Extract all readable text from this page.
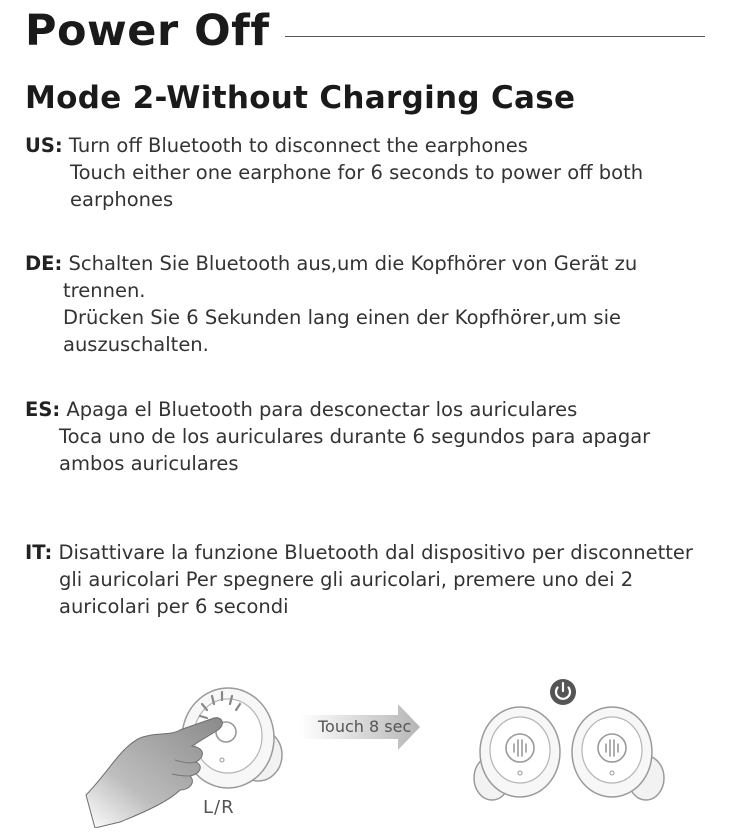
Power Off
Mode 2-Without Charging Case
US: Turn off Bluetooth to disconnect the earphones
Touch either one earphone for 6 seconds to power off both
earphones
DE: Schalten Sie Bluetooth aus,um die Kopfhörer von Gerät zu
trennen.
Drücken Sie 6 Sekunden lang einen der Kopfhörer,um sie
auszuschalten.
ES: Apaga el Bluetooth para desconectar los auriculares
Toca uno de los auriculares durante 6 segundos para apagar
ambos auriculares
IT: Disattivare la funzione Bluetooth dal dispositivo per disconnetter
gli auricolari Per spegnere gli auricolari, premere uno dei 2
auricolari per 6 secondi
Touch 8 sec
L/R
